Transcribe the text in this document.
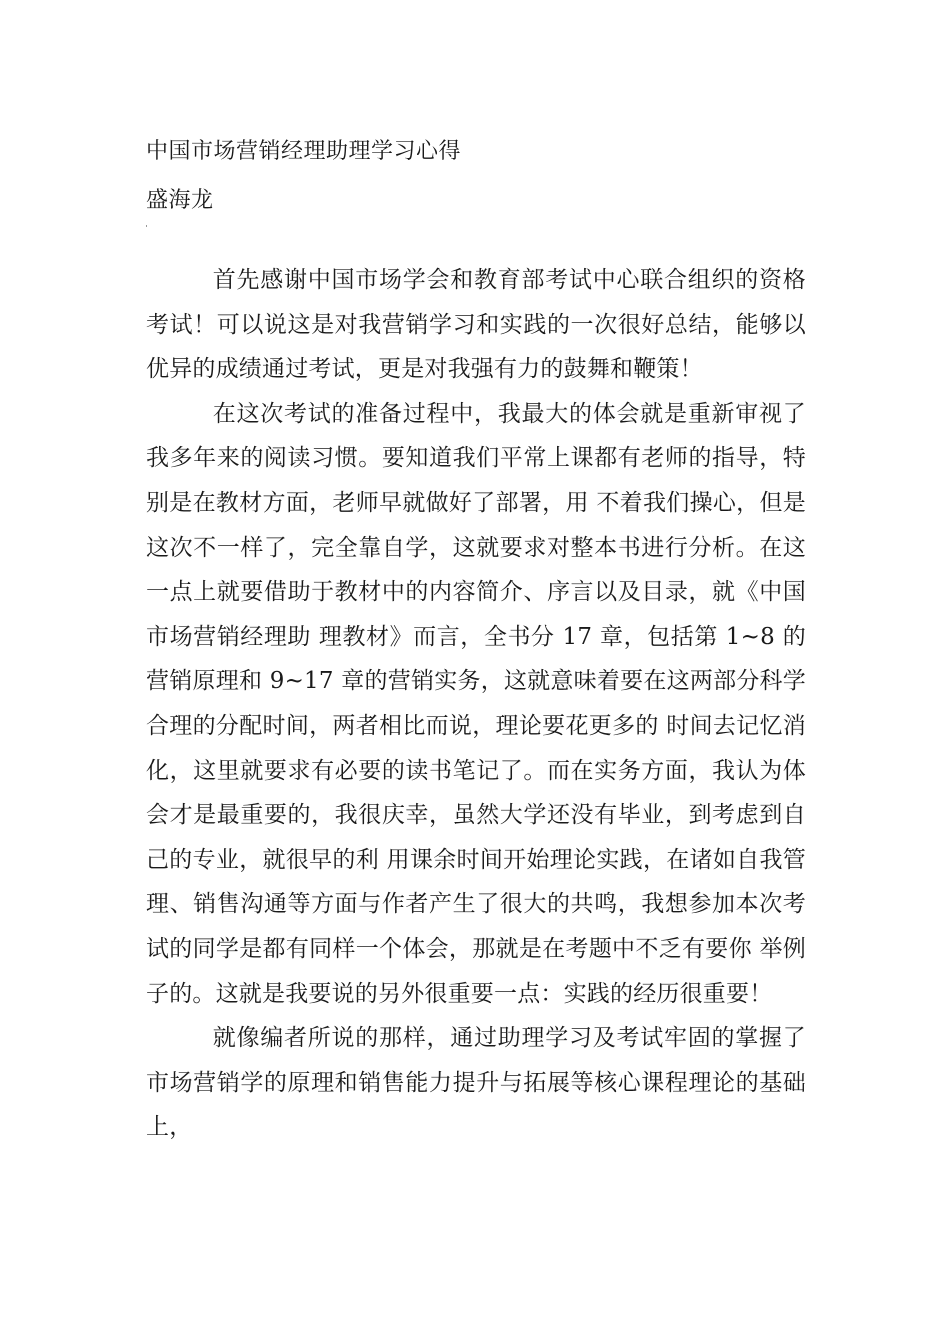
中国市场营销经理助理学习心得
盛海龙

首先感谢中国市场学会和教育部考试中心联合组织的资格考试！可以说这是对我营销学习和实践的一次很好总结，能够以优异的成绩通过考试，更是对我强有力的鼓舞和鞭策！

在这次考试的准备过程中，我最大的体会就是重新审视了我多年来的阅读习惯。要知道我们平常上课都有老师的指导，特别是在教材方面，老师早就做好了部署，用 不着我们操心，但是这次不一样了，完全靠自学，这就要求对整本书进行分析。在这一点上就要借助于教材中的内容简介、序言以及目录，就《中国市场营销经理助 理教材》而言，全书分 17 章，包括第 1~8 的营销原理和 9~17 章的营销实务，这就意味着要在这两部分科学合理的分配时间，两者相比而说，理论要花更多的 时间去记忆消化，这里就要求有必要的读书笔记了。而在实务方面，我认为体会才是最重要的，我很庆幸，虽然大学还没有毕业，到考虑到自己的专业，就很早的利 用课余时间开始理论实践，在诸如自我管理、销售沟通等方面与作者产生了很大的共鸣，我想参加本次考试的同学是都有同样一个体会，那就是在考题中不乏有要你 举例子的。这就是我要说的另外很重要一点：实践的经历很重要！

就像编者所说的那样，通过助理学习及考试牢固的掌握了市场营销学的原理和销售能力提升与拓展等核心课程理论的基础上，
